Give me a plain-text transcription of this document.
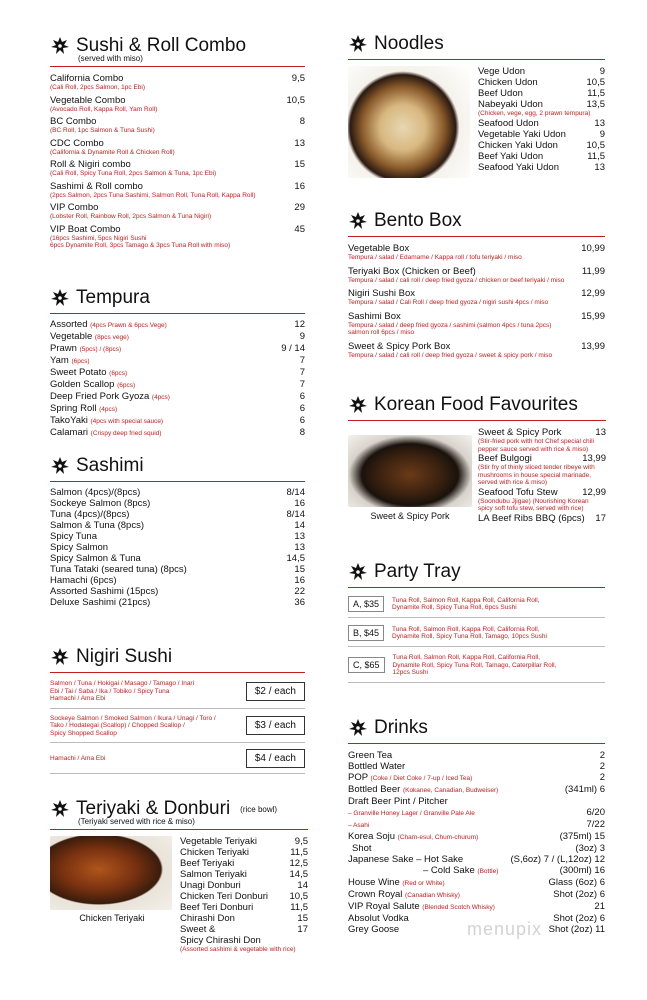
Sushi & Roll Combo
(served with miso)
California Combo	9,5
(Cali Roll, 2pcs Salmon, 1pc Ebi)
Vegetable Combo	10,5
(Avocado Roll, Kappa Roll, Yam Roll)
BC Combo	8
(BC Roll, 1pc Salmon & Tuna Sushi)
CDC Combo	13
(California & Dynamite Roll & Chicken Roll)
Roll & Nigiri combo	15
(Cali Roll, Spicy Tuna Roll, 2pcs Salmon & Tuna, 1pc Ebi)
Sashimi & Roll combo	16
(2pcs Salmon, 2pcs Tuna Sashimi, Salmon Roll, Tuna Roll, Kappa Roll)
VIP Combo	29
(Lobster Roll, Rainbow Roll, 2pcs Salmon & Tuna Nigiri)
VIP Boat Combo	45
(16pcs Sashimi, 5pcs Nigiri Sushi
6pcs Dynamite Roll, 3pcs Tamago & 3pcs Tuna Roll with miso)
Tempura
Assorted (4pcs Prawn & 6pcs Vege)	12
Vegetable (8pcs vege)	9
Prawn (5pcs) / (8pcs)	9 / 14
Yam (6pcs)	7
Sweet Potato (6pcs)	7
Golden Scallop (6pcs)	7
Deep Fried Pork Gyoza (4pcs)	6
Spring Roll (4pcs)	6
TakoYaki (4pcs with special sauce)	6
Calamari (Crispy deep fried squid)	8
Sashimi
Salmon (4pcs)/(8pcs)	8/14
Sockeye Salmon (8pcs)	16
Tuna (4pcs)/(8pcs)	8/14
Salmon & Tuna (8pcs)	14
Spicy Tuna	13
Spicy Salmon	13
Spicy Salmon & Tuna	14,5
Tuna Tataki (seared tuna) (8pcs)	15
Hamachi (6pcs)	16
Assorted Sashimi (15pcs)	22
Deluxe Sashimi (21pcs)	36
Nigiri Sushi
Salmon / Tuna / Hokigai / Masago / Tamago / Inari
Ebi / Tai / Saba / Ika / Tobiko / Spicy Tuna
Hamachi / Ama Ebi
$2 / each
Sockeye Salmon / Smoked Salmon / Ikura / Unagi / Toro /
Tako / Hodategai (Scallop) / Chopped Scallop /
Spicy Shopped Scallop
$3 / each
Hamachi / Ama Ebi	$4 / each
Teriyaki & Donburi (rice bowl)
(Teriyaki served with rice & miso)
Chicken Teriyaki
Vegetable Teriyaki	9,5
Chicken Teriyaki	11,5
Beef Teriyaki	12,5
Salmon Teriyaki	14,5
Unagi Donburi	14
Chicken Teri Donburi 10,5
Beef Teri Donburi	11,5
Chirashi Don	15
Sweet &	17
Spicy Chirashi Don
(Assorted sashimi & vegetable with rice)
Noodles
Vege Udon	9
Chicken Udon	10,5
Beef Udon	11,5
Nabeyaki Udon	13,5
(Chicken, vege, egg, 2 prawn tempura)
Seafood Udon	13
Vegetable Yaki Udon	9
Chicken Yaki Udon	10,5
Beef Yaki Udon	11,5
Seafood Yaki Udon	13
Bento Box
Vegetable Box	10,99
Tempura / salad / Edamame / Kappa roll / tofu teriyaki / miso
Teriyaki Box (Chicken or Beef)	11,99
Tempura / salad / cali roll / deep fried gyoza / chicken or beef teriyaki / miso
Nigiri Sushi Box	12,99
Tempura / salad / Cali Roll / deep fried gyoza / nigiri sushi 4pcs / miso
Sashimi Box	15,99
Tempura / salad / deep fried gyoza / sashimi (salmon 4pcs / tuna 2pcs)
salmon roll 6pcs / miso
Sweet & Spicy Pork Box	13,99
Tempura / salad / cali roll / deep fried gyoza / sweet & spicy pork / miso
Korean Food Favourites
Sweet & Spicy Pork
Sweet & Spicy Pork	13
(Stir-fried pork with hot Chef special chili
pepper sauce served with rice & miso)
Beef Bulgogi	13,99
(Stir fry of thinly sliced tender ribeye with
mushrooms in house special marinade,
served with rice & miso)
Seafood Tofu Stew	12,99
(Soondubu Jjigae) (Nourishing Korean
spicy soft tofu stew, served with rice)
LA Beef Ribs BBQ (6pcs) 17
Party Tray
A, $35	Tuna Roll, Salmon Roll, Kappa Roll, California Roll,
Dynamite Roll, Spicy Tuna Roll, 6pcs Sushi
B, $45	Tuna Roll, Salmon Roll, Kappa Roll, California Roll,
Dynamite Roll, Spicy Tuna Roll, Tamago, 10pcs Sushi
C, $65
Tuna Roll, Salmon Roll, Kappa Roll, California Roll,
Dynamite Roll, Spicy Tuna Roll, Tamago, Caterpillar Roll,
12pcs Sushi
Drinks
Green Tea	2
Bottled Water	2
POP (Coke / Diet Coke / 7-up / Iced Tea)	2
Bottled Beer (Kokanee, Canadian, Budweiser)	(341ml) 6
Draft Beer Pint / Pitcher
– Granville Honey Lager / Granville Pale Ale	6/20
– Asahi	7/22
Korea Soju (Cham-esul, Chum-churum)	(375ml) 15
Shot	(3oz) 3
Japanese Sake – Hot Sake	(S,6oz) 7 / (L,12oz) 12
– Cold Sake (Bottle)	(300ml) 16
House Wine (Red or White)	Glass (6oz) 6
Crown Royal (Canadian Whisky)	Shot (2oz) 6
VIP Royal Salute (Blended Scotch Whisky)	21
Absolut Vodka	Shot (2oz) 6
Grey Goose	Shot (2oz) 11
menupix
